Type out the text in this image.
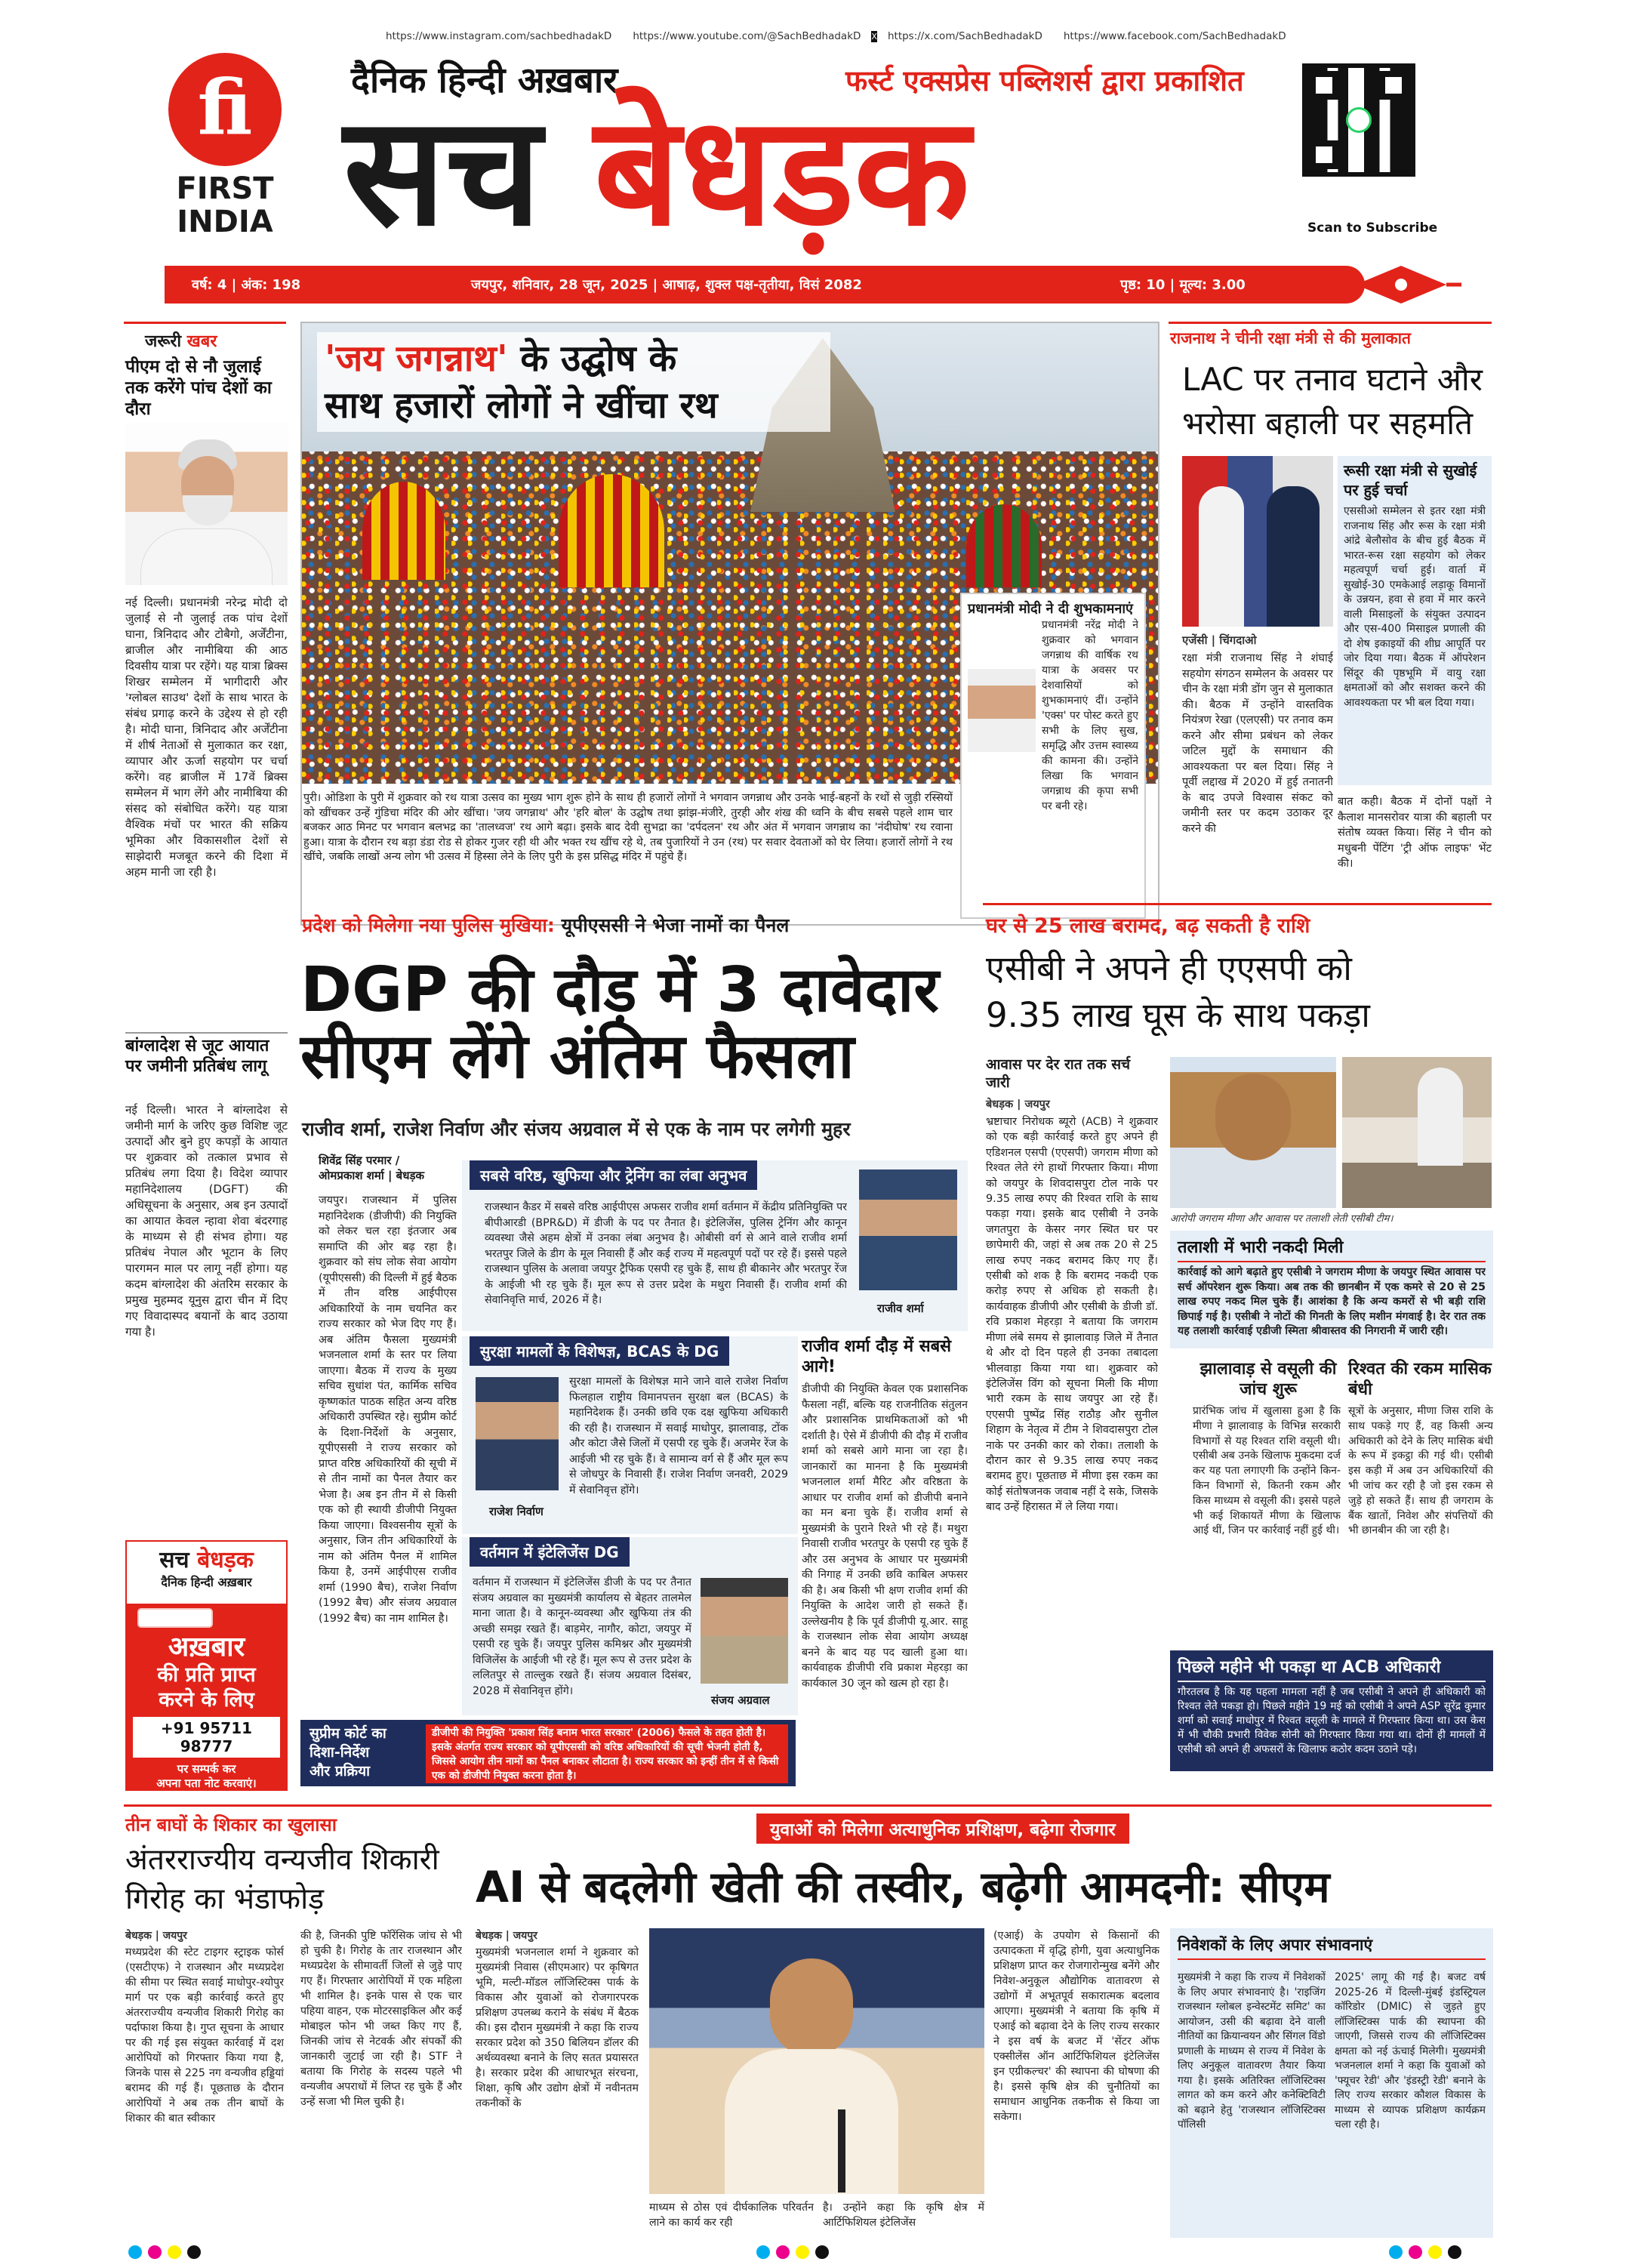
https://www.instagram.com/sachbedhadakD https://www.youtube.com/@SachBedhadakD X https://x.com/SachBedhadakD https://www.facebook.com/SachBedhadakD
fi
FIRST
INDIA
दैनिक हिन्दी अख़बार	फर्स्ट एक्सप्रेस पब्लिशर्स द्वारा प्रकाशित
सच बेधड़क	Scan to Subscribe
वर्ष: 4 | अंक: 198	जयपुर, शनिवार, 28 जून, 2025 | आषाढ़, शुक्ल पक्ष-तृतीया, विसं 2082	पृष्ठ: 10 | मूल्य: 3.00
जरूरी खबर
पीएम दो से नौ जुलाई तक करेंगे पांच देशों का दौरा
नई दिल्ली। प्रधानमंत्री नरेन्द्र मोदी दो जुलाई से नौ जुलाई तक पांच देशों घाना, त्रिनिदाद और टोबैगो, अर्जेंटीना, ब्राजील और नामीबिया की आठ दिवसीय यात्रा पर रहेंगे। यह यात्रा ब्रिक्स शिखर सम्मेलन में भागीदारी और 'ग्लोबल साउथ' देशों के साथ भारत के संबंध प्रगाढ़ करने के उद्देश्य से हो रही है। मोदी घाना, त्रिनिदाद और अर्जेंटीना में शीर्ष नेताओं से मुलाकात कर रक्षा, व्यापार और ऊर्जा सहयोग पर चर्चा करेंगे। वह ब्राजील में 17वें ब्रिक्स सम्मेलन में भाग लेंगे और नामीबिया की संसद को संबोधित करेंगे। यह यात्रा वैश्विक मंचों पर भारत की सक्रिय भूमिका और विकासशील देशों से साझेदारी मजबूत करने की दिशा में अहम मानी जा रही है।
बांग्लादेश से जूट आयात पर जमीनी प्रतिबंध लागू
नई दिल्ली। भारत ने बांग्लादेश से जमीनी मार्ग के जरिए कुछ विशिष्ट जूट उत्पादों और बुने हुए कपड़ों के आयात पर शुक्रवार को तत्काल प्रभाव से प्रतिबंध लगा दिया है। विदेश व्यापार महानिदेशालय (DGFT) की अधिसूचना के अनुसार, अब इन उत्पादों का आयात केवल न्हावा शेवा बंदरगाह के माध्यम से ही संभव होगा। यह प्रतिबंध नेपाल और भूटान के लिए पारगमन माल पर लागू नहीं होगा। यह कदम बांग्लादेश की अंतरिम सरकार के प्रमुख मुहम्मद यूनुस द्वारा चीन में दिए गए विवादास्पद बयानों के बाद उठाया गया है।
सच बेधड़क
दैनिक हिन्दी अख़बार
अख़बार
की प्रति प्राप्त
करने के लिए
+91 95711 98777
पर सम्पर्क कर
अपना पता नोट करवाएं।
'जय जगन्नाथ' के उद्घोष के
साथ हजारों लोगों ने खींचा रथ
प्रधानमंत्री मोदी ने दी शुभकामनाएं
प्रधानमंत्री नरेंद्र मोदी ने शुक्रवार को भगवान जगन्नाथ की वार्षिक रथ यात्रा के अवसर पर देशवासियों को शुभकामनाएं दीं। उन्होंने 'एक्स' पर पोस्ट करते हुए सभी के लिए सुख, समृद्धि और उत्तम स्वास्थ्य की कामना की। उन्होंने लिखा कि भगवान जगन्नाथ की कृपा सभी पर बनी रहे।
पुरी। ओडिशा के पुरी में शुक्रवार को रथ यात्रा उत्सव का मुख्य भाग शुरू होने के साथ ही हजारों लोगों ने भगवान जगन्नाथ और उनके भाई-बहनों के रथों से जुड़ी रस्सियों को खींचकर उन्हें गुंडिचा मंदिर की ओर खींचा। 'जय जगन्नाथ' और 'हरि बोल' के उद्घोष तथा झांझ-मंजीरे, तुरही और शंख की ध्वनि के बीच सबसे पहले शाम चार बजकर आठ मिनट पर भगवान बलभद्र का 'तालध्वज' रथ आगे बढ़ा। इसके बाद देवी सुभद्रा का 'दर्पदलन' रथ और अंत में भगवान जगन्नाथ का 'नंदीघोष' रथ रवाना हुआ। यात्रा के दौरान रथ बड़ा डंडा रोड से होकर गुजर रही थी और भक्त रथ खींच रहे थे, तब पुजारियों ने उन (रथ) पर सवार देवताओं को घेर लिया। हजारों लोगों ने रथ खींचे, जबकि लाखों अन्य लोग भी उत्सव में हिस्सा लेने के लिए पुरी के इस प्रसिद्ध मंदिर में पहुंचे हैं।
राजनाथ ने चीनी रक्षा मंत्री से की मुलाकात
LAC पर तनाव घटाने और भरोसा बहाली पर सहमति
रूसी रक्षा मंत्री से सुखोई पर हुई चर्चा
एससीओ सम्मेलन से इतर रक्षा मंत्री राजनाथ सिंह और रूस के रक्षा मंत्री आंद्रे बेलौसोव के बीच हुई बैठक में भारत-रूस रक्षा सहयोग को लेकर महत्वपूर्ण चर्चा हुई। वार्ता में सुखोई-30 एमकेआई लड़ाकू विमानों के उन्नयन, हवा से हवा में मार करने वाली मिसाइलों के संयुक्त उत्पादन और एस-400 मिसाइल प्रणाली की दो शेष इकाइयों की शीघ्र आपूर्ति पर जोर दिया गया। बैठक में ऑपरेशन सिंदूर की पृष्ठभूमि में वायु रक्षा क्षमताओं को और सशक्त करने की आवश्यकता पर भी बल दिया गया।
एजेंसी | चिंगदाओ
रक्षा मंत्री राजनाथ सिंह ने शंघाई सहयोग संगठन सम्मेलन के अवसर पर चीन के रक्षा मंत्री डोंग जुन से मुलाकात की। बैठक में उन्होंने वास्तविक नियंत्रण रेखा (एलएसी) पर तनाव कम करने और सीमा प्रबंधन को लेकर जटिल मुद्दों के समाधान की आवश्यकता पर बल दिया। सिंह ने पूर्वी लद्दाख में 2020 में हुई तनातनी के बाद उपजे विश्वास संकट को जमीनी स्तर पर कदम उठाकर दूर करने की
बात कही। बैठक में दोनों पक्षों ने कैलाश मानसरोवर यात्रा की बहाली पर संतोष व्यक्त किया। सिंह ने चीन को मधुबनी पेंटिंग 'ट्री ऑफ लाइफ' भेंट की।
प्रदेश को मिलेगा नया पुलिस मुखिया: यूपीएससी ने भेजा नामों का पैनल
DGP की दौड़ में 3 दावेदार
सीएम लेंगे अंतिम फैसला
राजीव शर्मा, राजेश निर्वाण और संजय अग्रवाल में से एक के नाम पर लगेगी मुहर
शिवेंद्र सिंह परमार /
ओमप्रकाश शर्मा | बेधड़क
जयपुर। राजस्थान में पुलिस महानिदेशक (डीजीपी) की नियुक्ति को लेकर चल रहा इंतजार अब समाप्ति की ओर बढ़ रहा है। शुक्रवार को संघ लोक सेवा आयोग (यूपीएससी) की दिल्ली में हुई बैठक में तीन वरिष्ठ आईपीएस अधिकारियों के नाम चयनित कर राज्य सरकार को भेज दिए गए हैं। अब अंतिम फैसला मुख्यमंत्री भजनलाल शर्मा के स्तर पर लिया जाएगा। बैठक में राज्य के मुख्य सचिव सुधांश पंत, कार्मिक सचिव कृष्णकांत पाठक सहित अन्य वरिष्ठ अधिकारी उपस्थित रहे। सुप्रीम कोर्ट के दिशा-निर्देशों के अनुसार, यूपीएससी ने राज्य सरकार को प्राप्त वरिष्ठ अधिकारियों की सूची में से तीन नामों का पैनल तैयार कर भेजा है। अब इन तीन में से किसी एक को ही स्थायी डीजीपी नियुक्त किया जाएगा। विश्वसनीय सूत्रों के अनुसार, जिन तीन अधिकारियों के नाम को अंतिम पैनल में शामिल किया है, उनमें आईपीएस राजीव शर्मा (1990 बैच), राजेश निर्वाण (1992 बैच) और संजय अग्रवाल (1992 बैच) का नाम शामिल है।
सबसे वरिष्ठ, खुफिया और ट्रेनिंग का लंबा अनुभव
राजस्थान कैडर में सबसे वरिष्ठ आईपीएस अफसर राजीव शर्मा वर्तमान में केंद्रीय प्रतिनियुक्ति पर बीपीआरडी (BPR&D) में डीजी के पद पर तैनात है। इंटेलिजेंस, पुलिस ट्रेनिंग और कानून व्यवस्था जैसे अहम क्षेत्रों में उनका लंबा अनुभव है। ओबीसी वर्ग से आने वाले राजीव शर्मा भरतपुर जिले के डीग के मूल निवासी हैं और कई राज्य में महत्वपूर्ण पदों पर रहे हैं। इससे पहले राजस्थान पुलिस के अलावा जयपुर ट्रैफिक एसपी रह चुके हैं, साथ ही बीकानेर और भरतपुर रेंज के आईजी भी रह चुके हैं। मूल रूप से उत्तर प्रदेश के मथुरा निवासी हैं। राजीव शर्मा की सेवानिवृत्ति मार्च, 2026 में है।
राजीव शर्मा
सुरक्षा मामलों के विशेषज्ञ, BCAS के DG
राजेश निर्वाण
सुरक्षा मामलों के विशेषज्ञ माने जाने वाले राजेश निर्वाण फिलहाल राष्ट्रीय विमानपत्तन सुरक्षा बल (BCAS) के महानिदेशक हैं। उनकी छवि एक दक्ष खुफिया अधिकारी की रही है। राजस्थान में सवाई माधोपुर, झालावाड़, टोंक और कोटा जैसे जिलों में एसपी रह चुके हैं। अजमेर रेंज के आईजी भी रह चुके हैं। वे सामान्य वर्ग से हैं और मूल रूप से जोधपुर के निवासी हैं। राजेश निर्वाण जनवरी, 2029 में सेवानिवृत्त होंगे।
वर्तमान में इंटेलिजेंस DG
वर्तमान में राजस्थान में इंटेलिजेंस डीजी के पद पर तैनात संजय अग्रवाल का मुख्यमंत्री कार्यालय से बेहतर तालमेल माना जाता है। वे कानून-व्यवस्था और खुफिया तंत्र की अच्छी समझ रखते हैं। बाड़मेर, नागौर, कोटा, जयपुर में एसपी रह चुके हैं। जयपुर पुलिस कमिश्नर और मुख्यमंत्री विजिलेंस के आईजी भी रहे हैं। मूल रूप से उत्तर प्रदेश के ललितपुर से ताल्लुक रखते हैं। संजय अग्रवाल दिसंबर, 2028 में सेवानिवृत्त होंगे।
संजय अग्रवाल
राजीव शर्मा दौड़ में सबसे आगे!
डीजीपी की नियुक्ति केवल एक प्रशासनिक फैसला नहीं, बल्कि यह राजनीतिक संतुलन और प्रशासनिक प्राथमिकताओं को भी दर्शाती है। ऐसे में डीजीपी की दौड़ में राजीव शर्मा को सबसे आगे माना जा रहा है। जानकारों का मानना है कि मुख्यमंत्री भजनलाल शर्मा मैरिट और वरिष्ठता के आधार पर राजीव शर्मा को डीजीपी बनाने का मन बना चुके हैं। राजीव शर्मा से मुख्यमंत्री के पुराने रिश्ते भी रहे हैं। मथुरा निवासी राजीव भरतपुर के एसपी रह चुके हैं और उस अनुभव के आधार पर मुख्यमंत्री की निगाह में उनकी छवि काबिल अफसर की है। अब किसी भी क्षण राजीव शर्मा की नियुक्ति के आदेश जारी हो सकते हैं। उल्लेखनीय है कि पूर्व डीजीपी यू.आर. साहू के राजस्थान लोक सेवा आयोग अध्यक्ष बनने के बाद यह पद खाली हुआ था। कार्यवाहक डीजीपी रवि प्रकाश मेहरड़ा का कार्यकाल 30 जून को खत्म हो रहा है।
सुप्रीम कोर्ट का
दिशा-निर्देश
और प्रक्रिया
डीजीपी की नियुक्ति 'प्रकाश सिंह बनाम भारत सरकार' (2006) फैसले के तहत होती है। इसके अंतर्गत राज्य सरकार को यूपीएससी को वरिष्ठ अधिकारियों की सूची भेजनी होती है, जिससे आयोग तीन नामों का पैनल बनाकर लौटाता है। राज्य सरकार को इन्हीं तीन में से किसी एक को डीजीपी नियुक्त करना होता है।
घर से 25 लाख बरामद, बढ़ सकती है राशि
एसीबी ने अपने ही एएसपी को
9.35 लाख घूस के साथ पकड़ा
आवास पर देर रात तक सर्च जारी
बेधड़क | जयपुर
भ्रष्टाचार निरोधक ब्यूरो (ACB) ने शुक्रवार को एक बड़ी कार्रवाई करते हुए अपने ही एडिशनल एसपी (एएसपी) जगराम मीणा को रिश्वत लेते रंगे हाथों गिरफ्तार किया। मीणा को जयपुर के शिवदासपुरा टोल नाके पर 9.35 लाख रुपए की रिश्वत राशि के साथ पकड़ा गया। इसके बाद एसीबी ने उनके जगतपुरा के केसर नगर स्थित घर पर छापेमारी की, जहां से अब तक 20 से 25 लाख रुपए नकद बरामद किए गए हैं। एसीबी को शक है कि बरामद नकदी एक करोड़ रुपए से अधिक हो सकती है। कार्यवाहक डीजीपी और एसीबी के डीजी डॉ. रवि प्रकाश मेहरड़ा ने बताया कि जगराम मीणा लंबे समय से झालावाड़ जिले में तैनात थे और दो दिन पहले ही उनका तबादला भीलवाड़ा किया गया था। शुक्रवार को इंटेलिजेंस विंग को सूचना मिली कि मीणा भारी रकम के साथ जयपुर आ रहे हैं। एएसपी पुष्पेंद्र सिंह राठौड़ और सुनील शिहाग के नेतृत्व में टीम ने शिवदासपुरा टोल नाके पर उनकी कार को रोका। तलाशी के दौरान कार से 9.35 लाख रुपए नकद बरामद हुए। पूछताछ में मीणा इस रकम का कोई संतोषजनक जवाब नहीं दे सके, जिसके बाद उन्हें हिरासत में ले लिया गया।
आरोपी जगराम मीणा और आवास पर तलाशी लेती एसीबी टीम।
तलाशी में भारी नकदी मिली
कार्रवाई को आगे बढ़ाते हुए एसीबी ने जगराम मीणा के जयपुर स्थित आवास पर सर्च ऑपरेशन शुरू किया। अब तक की छानबीन में एक कमरे से 20 से 25 लाख रुपए नकद मिल चुके हैं। आशंका है कि अन्य कमरों से भी बड़ी राशि छिपाई गई है। एसीबी ने नोटों की गिनती के लिए मशीन मंगवाई है। देर रात तक यह तलाशी कार्रवाई एडीजी स्मिता श्रीवास्तव की निगरानी में जारी रही।
झालावाड़ से वसूली की जांच शुरू
प्रारंभिक जांच में खुलासा हुआ है कि मीणा ने झालावाड़ के विभिन्न सरकारी विभागों से यह रिश्वत राशि वसूली थी। एसीबी अब उनके खिलाफ मुकदमा दर्ज कर यह पता लगाएगी कि उन्होंने किन-किन विभागों से, कितनी रकम और किस माध्यम से वसूली की। इससे पहले भी कई शिकायतें मीणा के खिलाफ आई थीं, जिन पर कार्रवाई नहीं हुई थी।
रिश्वत की रकम मासिक बंधी
सूत्रों के अनुसार, मीणा जिस राशि के साथ पकड़े गए हैं, वह किसी अन्य अधिकारी को देने के लिए मासिक बंधी के रूप में इकट्ठा की गई थी। एसीबी इस कड़ी में अब उन अधिकारियों की भी जांच कर रही है जो इस रकम से जुड़े हो सकते हैं। साथ ही जगराम के बैंक खातों, निवेश और संपत्तियों की भी छानबीन की जा रही है।
पिछले महीने भी पकड़ा था ACB अधिकारी
गौरतलब है कि यह पहला मामला नहीं है जब एसीबी ने अपने ही अधिकारी को रिश्वत लेते पकड़ा हो। पिछले महीने 19 मई को एसीबी ने अपने ASP सुरेंद्र कुमार शर्मा को सवाई माधोपुर में रिश्वत वसूली के मामले में गिरफ्तार किया था। उस केस में भी चौकी प्रभारी विवेक सोनी को गिरफ्तार किया गया था। दोनों ही मामलों में एसीबी को अपने ही अफसरों के खिलाफ कठोर कदम उठाने पड़े।
तीन बाघों के शिकार का खुलासा
अंतरराज्यीय वन्यजीव शिकारी गिरोह का भंडाफोड़
बेधड़क | जयपुर
मध्यप्रदेश की स्टेट टाइगर स्ट्राइक फोर्स (एसटीएफ) ने राजस्थान और मध्यप्रदेश की सीमा पर स्थित सवाई माधोपुर-श्योपुर मार्ग पर एक बड़ी कार्रवाई करते हुए अंतरराज्यीय वन्यजीव शिकारी गिरोह का पर्दाफाश किया है। गुप्त सूचना के आधार पर की गई इस संयुक्त कार्रवाई में दश आरोपियों को गिरफ्तार किया गया है, जिनके पास से 225 नग वन्यजीव हड्डियां बरामद की गई हैं। पूछताछ के दौरान आरोपियों ने अब तक तीन बाघों के शिकार की बात स्वीकार
की है, जिनकी पुष्टि फॉरेंसिक जांच से भी हो चुकी है। गिरोह के तार राजस्थान और मध्यप्रदेश के सीमावर्ती जिलों से जुड़े पाए गए हैं। गिरफ्तार आरोपियों में एक महिला भी शामिल है। इनके पास से एक चार पहिया वाहन, एक मोटरसाइकिल और कई मोबाइल फोन भी जब्त किए गए हैं, जिनकी जांच से नेटवर्क और संपर्कों की जानकारी जुटाई जा रही है। STF ने बताया कि गिरोह के सदस्य पहले भी वन्यजीव अपराधों में लिप्त रह चुके हैं और उन्हें सजा भी मिल चुकी है।
युवाओं को मिलेगा अत्याधुनिक प्रशिक्षण, बढ़ेगा रोजगार
AI से बदलेगी खेती की तस्वीर, बढ़ेगी आमदनी: सीएम
बेधड़क | जयपुर
मुख्यमंत्री भजनलाल शर्मा ने शुक्रवार को मुख्यमंत्री निवास (सीएमआर) पर कृषिगत भूमि, मल्टी-मॉडल लॉजिस्टिक्स पार्क के विकास और युवाओं को रोजगारपरक प्रशिक्षण उपलब्ध कराने के संबंध में बैठक की। इस दौरान मुख्यमंत्री ने कहा कि राज्य सरकार प्रदेश को 350 बिलियन डॉलर की अर्थव्यवस्था बनाने के लिए सतत प्रयासरत है। सरकार प्रदेश की आधारभूत संरचना, शिक्षा, कृषि और उद्योग क्षेत्रों में नवीनतम तकनीकों के
माध्यम से ठोस एवं दीर्घकालिक परिवर्तन लाने का कार्य कर रही
है। उन्होंने कहा कि कृषि क्षेत्र में आर्टिफिशियल इंटेलिजेंस
(एआई) के उपयोग से किसानों की उत्पादकता में वृद्धि होगी, युवा अत्याधुनिक प्रशिक्षण प्राप्त कर रोजगारोन्मुख बनेंगे और निवेश-अनुकूल औद्योगिक वातावरण से उद्योगों में अभूतपूर्व सकारात्मक बदलाव आएगा। मुख्यमंत्री ने बताया कि कृषि में एआई को बढ़ावा देने के लिए राज्य सरकार ने इस वर्ष के बजट में 'सेंटर ऑफ एक्सीलेंस ऑन आर्टिफिशियल इंटेलिजेंस इन एग्रीकल्चर' की स्थापना की घोषणा की है। इससे कृषि क्षेत्र की चुनौतियों का समाधान आधुनिक तकनीक से किया जा सकेगा।
निवेशकों के लिए अपार संभावनाएं
मुख्यमंत्री ने कहा कि राज्य में निवेशकों के लिए अपार संभावनाएं है। 'राइजिंग राजस्थान ग्लोबल इन्वेस्टमेंट समिट' का आयोजन, उसी की बढ़ावा देने वाली नीतियों का क्रियान्वयन और सिंगल विंडो प्रणाली के माध्यम से राज्य में निवेश के लिए अनुकूल वातावरण तैयार किया गया है। इसके अतिरिक्त लॉजिस्टिक्स लागत को कम करने और कनेक्टिविटी को बढ़ाने हेतु 'राजस्थान लॉजिस्टिक्स पॉलिसी
2025' लागू की गई है। बजट वर्ष 2025-26 में दिल्ली-मुंबई इंडस्ट्रियल कॉरिडोर (DMIC) से जुड़ते हुए लॉजिस्टिक्स पार्क की स्थापना की जाएगी, जिससे राज्य की लॉजिस्टिक्स क्षमता को नई ऊंचाई मिलेगी। मुख्यमंत्री भजनलाल शर्मा ने कहा कि युवाओं को 'फ्यूचर रेडी' और 'इंडस्ट्री रेडी' बनाने के लिए राज्य सरकार कौशल विकास के माध्यम से व्यापक प्रशिक्षण कार्यक्रम चला रही है।
